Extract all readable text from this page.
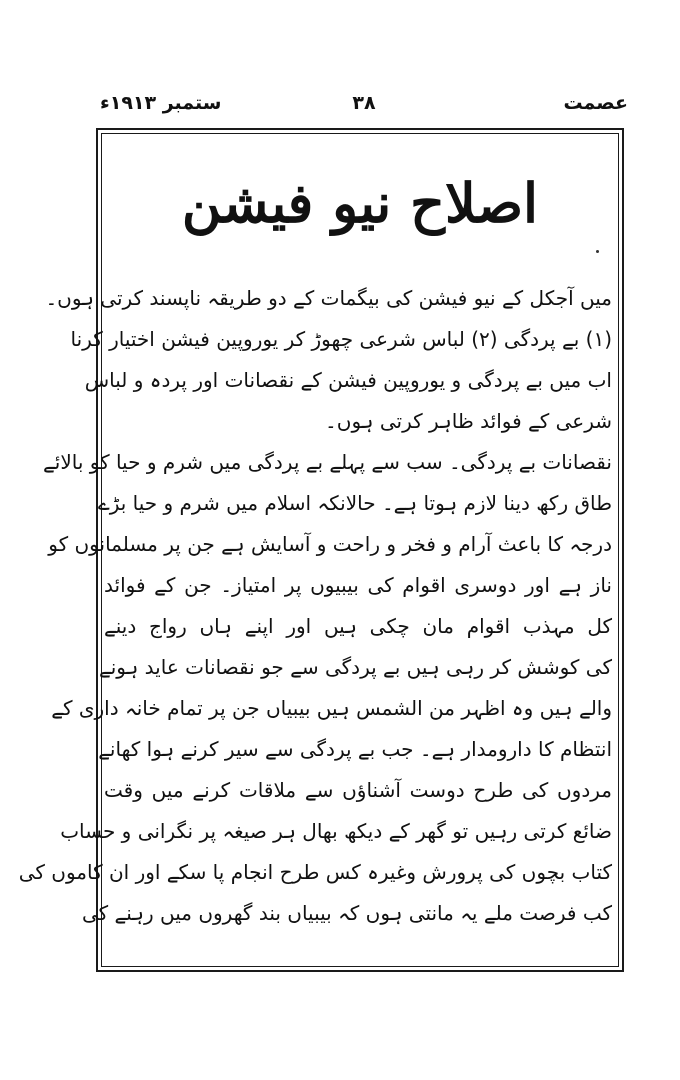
عصمت
۳۸
ستمبر ۱۹۱۳ء
اصلاح نیو فیشن
میں آجکل کے نیو فیشن کی بیگمات کے دو طریقہ ناپسند کرتی ہوں۔
(۱) بے پردگی (۲) لباس شرعی چھوڑ کر یوروپین فیشن اختیار کرنا
اب میں بے پردگی و یوروپین فیشن کے نقصانات اور پردہ و لباس
شرعی کے فوائد ظاہر کرتی ہوں۔
نقصانات بے پردگی۔ سب سے پہلے بے پردگی میں شرم و حیا کو بالائے
طاق رکھ دینا لازم ہوتا ہے۔ حالانکہ اسلام میں شرم و حیا بڑے
درجہ کا باعث آرام و فخر و راحت و آسایش ہے جن پر مسلمانوں کو
ناز ہے اور دوسری اقوام کی بیبیوں پر امتیاز۔ جن کے فوائد
کل مہذب اقوام مان چکی ہیں اور اپنے ہاں رواج دینے
کی کوشش کر رہی ہیں بے پردگی سے جو نقصانات عاید ہونے
والے ہیں وہ اظہر من الشمس ہیں بیبیاں جن پر تمام خانہ داری کے
انتظام کا دارومدار ہے۔ جب بے پردگی سے سیر کرنے ہوا کھانے
مردوں کی طرح دوست آشناؤں سے ملاقات کرنے میں وقت
ضائع کرتی رہیں تو گھر کے دیکھ بھال ہر صیغہ پر نگرانی و حساب
کتاب بچوں کی پرورش وغیرہ کس طرح انجام پا سکے اور ان کاموں کی
کب فرصت ملے یہ مانتی ہوں کہ بیبیاں بند گھروں میں رہنے کی
